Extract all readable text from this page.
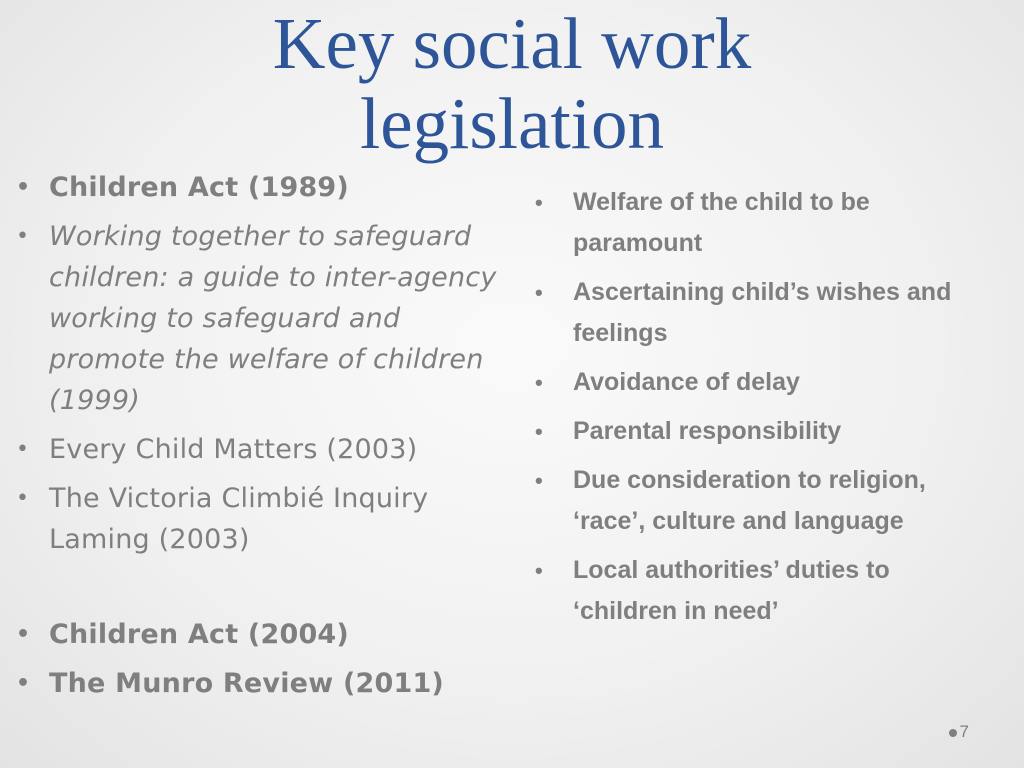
Key social work
legislation
• Children Act (1989)
• Working together to safeguard children: a guide to inter-agency working to safeguard and promote the welfare of children (1999)
• Every Child Matters (2003)
• The Victoria Climbié Inquiry Laming (2003)
• Children Act (2004)
• The Munro Review (2011)
• Welfare of the child to be paramount
• Ascertaining child’s wishes and feelings
• Avoidance of delay
• Parental responsibility
• Due consideration to religion, ‘race’, culture and language
• Local authorities’ duties to ‘children in need’
7
